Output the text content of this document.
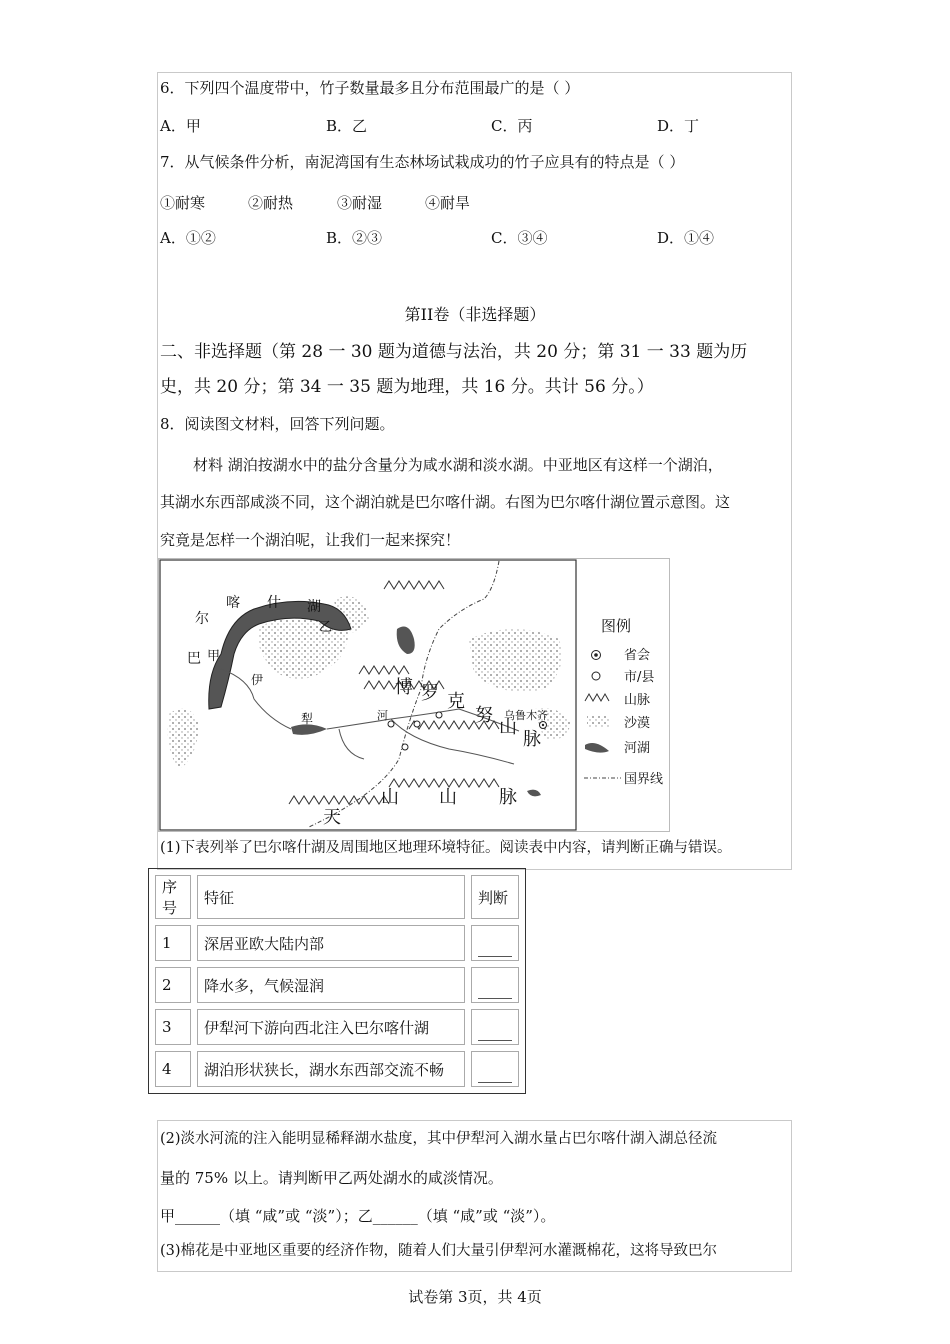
6．下列四个温度带中，竹子数量最多且分布范围最广的是（ ）
A．甲	B．乙	C．丙	D．丁
7．从气候条件分析，南泥湾国有生态林场试栽成功的竹子应具有的特点是（ ）
①耐寒	②耐热	③耐湿	④耐旱
A．①②	B．②③	C．③④	D．①④
第II卷（非选择题）
二、非选择题（第 28 一 30 题为道德与法治，共 20 分；第 31 一 33 题为历
史，共 20 分；第 34 一 35 题为地理，共 16 分。共计 56 分。）
8．阅读图文材料，回答下列问题。
材料 湖泊按湖水中的盐分含量分为咸水湖和淡水湖。中亚地区有这样一个湖泊，
其湖水东西部咸淡不同，这个湖泊就是巴尔喀什湖。右图为巴尔喀什湖位置示意图。这
究竟是怎样一个湖泊呢，让我们一起来探究！
尔
喀 什 湖
巴 甲
乙
伊
犁	河
博 罗 克
努
山
脉
乌鲁木齐
天
山 山 脉
图例
省会
市/县
山脉
沙漠
河湖
国界线
(1)下表列举了巴尔喀什湖及周围地区地理环境特征。阅读表中内容，请判断正确与错误。
序号	特征	判断
1	深居亚欧大陆内部	

2	降水多，气候湿润	

3	伊犁河下游向西北注入巴尔喀什湖	

4	湖泊形状狭长，湖水东西部交流不畅	
(2)淡水河流的注入能明显稀释湖水盐度，其中伊犁河入湖水量占巴尔喀什湖入湖总径流
量的 75% 以上。请判断甲乙两处湖水的咸淡情况。
甲______（填 “咸”或 “淡”）；乙______（填 “咸”或 “淡”）。
(3)棉花是中亚地区重要的经济作物，随着人们大量引伊犁河水灌溉棉花，这将导致巴尔
试卷第 3页，共 4页
